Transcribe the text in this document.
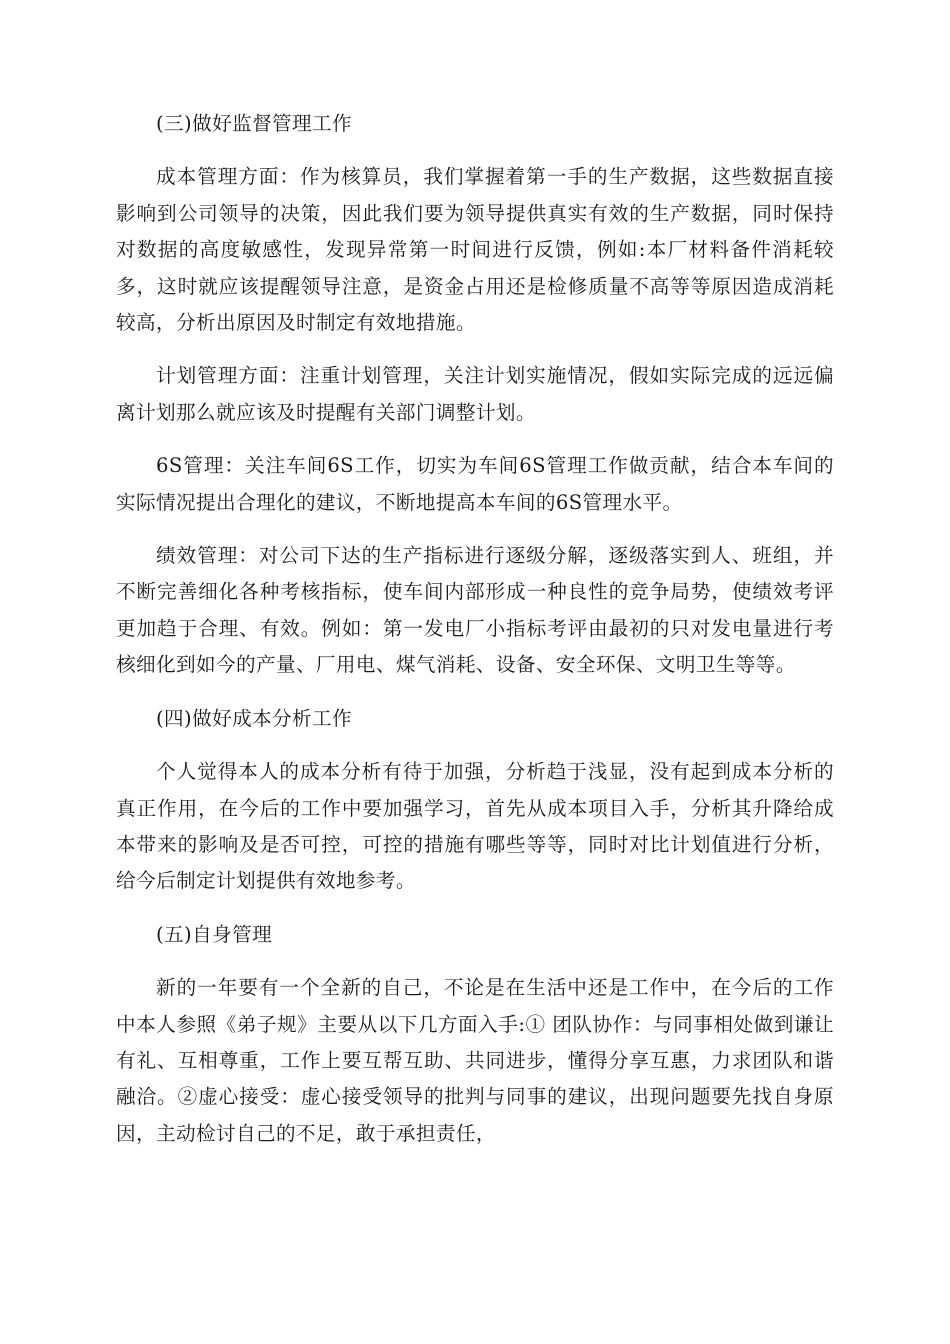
(三)做好监督管理工作

成本管理方面：作为核算员，我们掌握着第一手的生产数据，这些数据直接影响到公司领导的决策，因此我们要为领导提供真实有效的生产数据，同时保持对数据的高度敏感性，发现异常第一时间进行反馈，例如:本厂材料备件消耗较多，这时就应该提醒领导注意，是资金占用还是检修质量不高等等原因造成消耗较高，分析出原因及时制定有效地措施。

计划管理方面：注重计划管理，关注计划实施情况，假如实际完成的远远偏离计划那么就应该及时提醒有关部门调整计划。

6S管理：关注车间6S工作，切实为车间6S管理工作做贡献，结合本车间的实际情况提出合理化的建议，不断地提高本车间的6S管理水平。

绩效管理：对公司下达的生产指标进行逐级分解，逐级落实到人、班组，并不断完善细化各种考核指标，使车间内部形成一种良性的竞争局势，使绩效考评更加趋于合理、有效。例如：第一发电厂小指标考评由最初的只对发电量进行考核细化到如今的产量、厂用电、煤气消耗、设备、安全环保、文明卫生等等。

(四)做好成本分析工作

个人觉得本人的成本分析有待于加强，分析趋于浅显，没有起到成本分析的真正作用，在今后的工作中要加强学习，首先从成本项目入手，分析其升降给成本带来的影响及是否可控，可控的措施有哪些等等，同时对比计划值进行分析，给今后制定计划提供有效地参考。

(五)自身管理

新的一年要有一个全新的自己，不论是在生活中还是工作中，在今后的工作中本人参照《弟子规》主要从以下几方面入手:① 团队协作：与同事相处做到谦让有礼、互相尊重，工作上要互帮互助、共同进步，懂得分享互惠，力求团队和谐融洽。②虚心接受：虚心接受领导的批判与同事的建议，出现问题要先找自身原因，主动检讨自己的不足，敢于承担责任，
